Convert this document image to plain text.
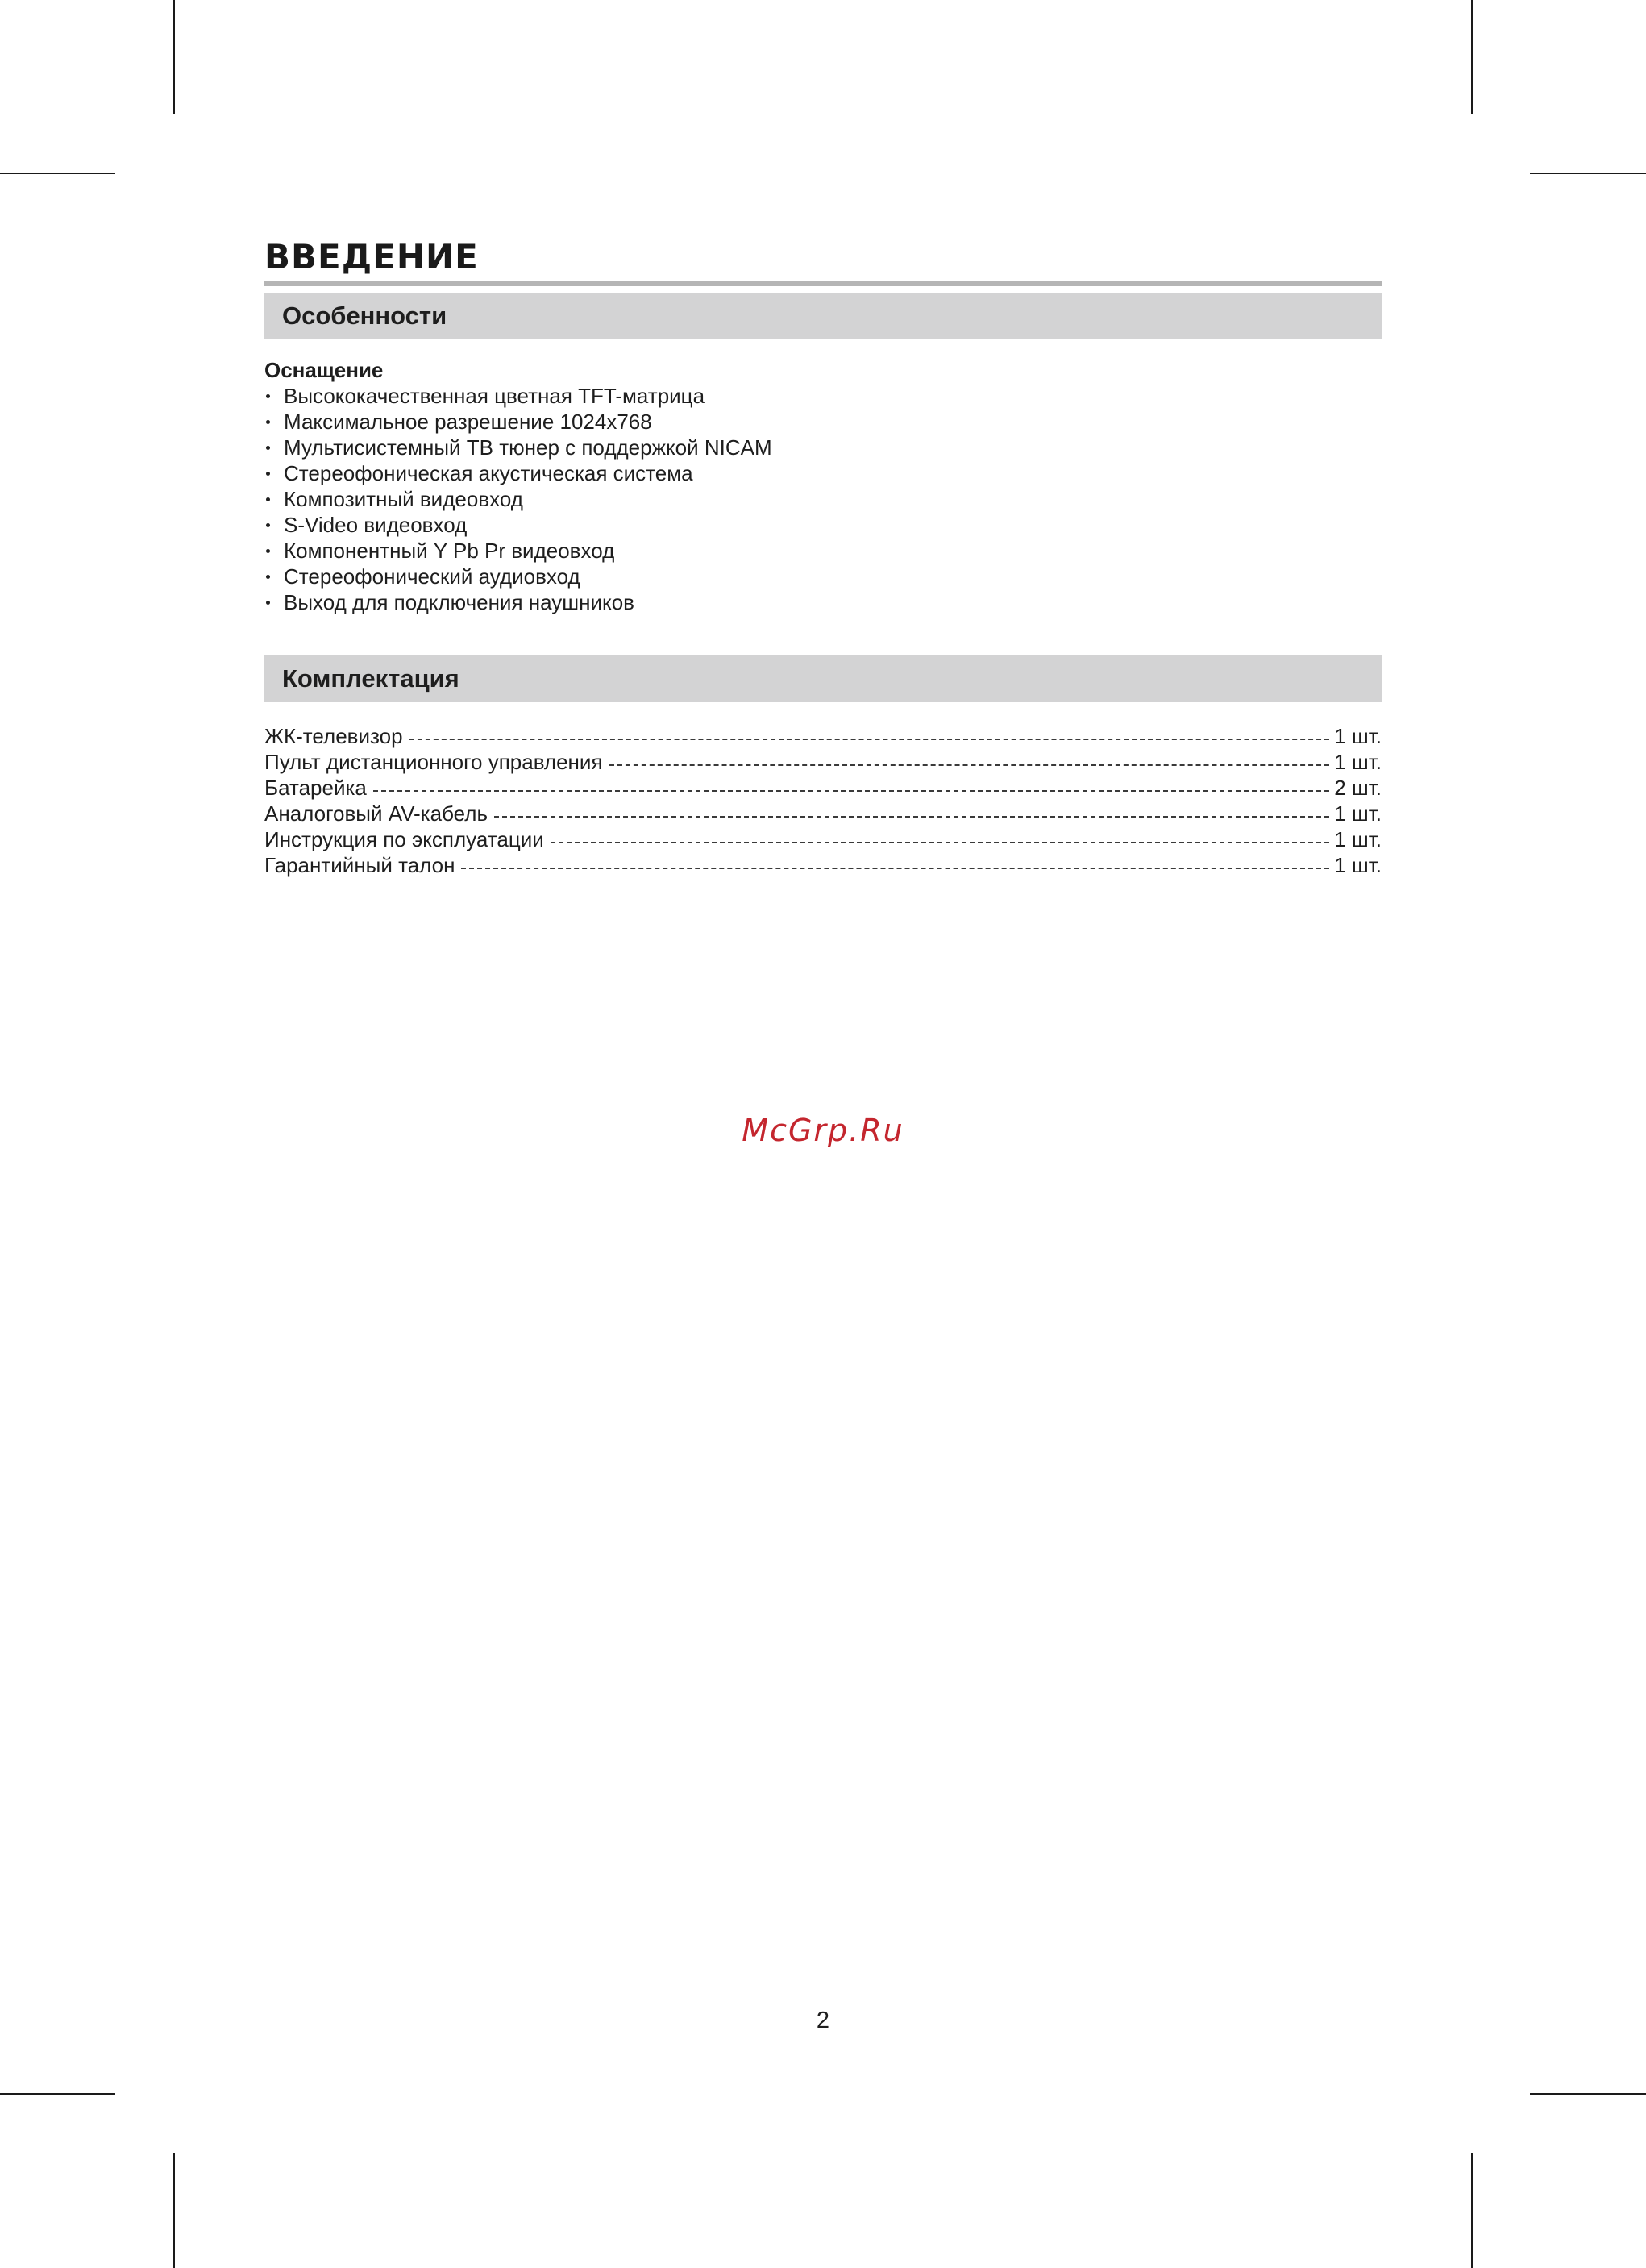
ВВЕДЕНИЕ
Особенности
Оснащение
Высококачественная цветная TFT-матрица
Максимальное разрешение 1024x768
Мультисистемный ТВ тюнер с поддержкой NICAM
Стереофоническая акустическая система
Композитный видеовход
S-Video видеовход
Компонентный Y Pb Pr видеовход
Стереофонический аудиовход
Выход для подключения наушников
Комплектация
ЖК-телевизор	1 шт.
Пульт дистанционного управления	1 шт.
Батарейка	2 шт.
Аналоговый AV-кабель	1 шт.
Инструкция по эксплуатации	1 шт.
Гарантийный талон	1 шт.
McGrp.Ru
2
